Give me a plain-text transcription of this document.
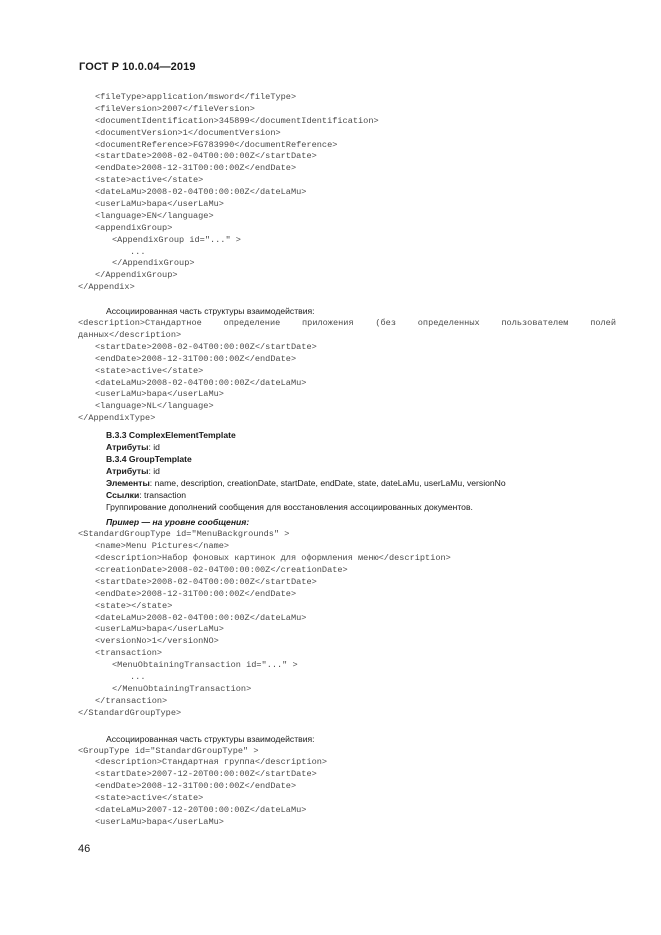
ГОСТ Р 10.0.04—2019
<fileType>application/msword</fileType>
<fileVersion>2007</fileVersion>
<documentIdentification>345899</documentIdentification>
<documentVersion>1</documentVersion>
<documentReference>FG783990</documentReference>
<startDate>2008-02-04T00:00:00Z</startDate>
<endDate>2008-12-31T00:00:00Z</endDate>
<state>active</state>
<dateLaMu>2008-02-04T00:00:00Z</dateLaMu>
<userLaMu>bapa</userLaMu>
<language>EN</language>
<appendixGroup>
<AppendixGroup id="..." >
...
</AppendixGroup>
</AppendixGroup>
</Appendix>
Ассоциированная часть структуры взаимодействия:
<description>Стандартное определение приложения (без определенных пользователем полей
данных</description>
<startDate>2008-02-04T00:00:00Z</startDate>
<endDate>2008-12-31T00:00:00Z</endDate>
<state>active</state>
<dateLaMu>2008-02-04T00:00:00Z</dateLaMu>
<userLaMu>bapa</userLaMu>
<language>NL</language>
</AppendixType>
B.3.3 ComplexElementTemplate
Атрибуты: id
B.3.4 GroupTemplate
Атрибуты: id
Элементы: name, description, creationDate, startDate, endDate, state, dateLaMu, userLaMu, versionNo
Ссылки: transaction
Группирование дополнений сообщения для восстановления ассоциированных документов.
Пример — на уровне сообщения:
<StandardGroupType id="MenuBackgrounds" >
<name>Menu Pictures</name>
<description>Набор фоновых картинок для оформления меню</description>
<creationDate>2008-02-04T00:00:00Z</creationDate>
<startDate>2008-02-04T00:00:00Z</startDate>
<endDate>2008-12-31T00:00:00Z</endDate>
<state></state>
<dateLaMu>2008-02-04T00:00:00Z</dateLaMu>
<userLaMu>bapa</userLaMu>
<versionNo>1</versionNO>
<transaction>
<MenuObtainingTransaction id="..." >
...
</MenuObtainingTransaction>
</transaction>
</StandardGroupType>
Ассоциированная часть структуры взаимодействия:
<GroupType id="StandardGroupType" >
<description>Стандартная группа</description>
<startDate>2007-12-20T00:00:00Z</startDate>
<endDate>2008-12-31T00:00:00Z</endDate>
<state>active</state>
<dateLaMu>2007-12-20T00:00:00Z</dateLaMu>
<userLaMu>bapa</userLaMu>
46
